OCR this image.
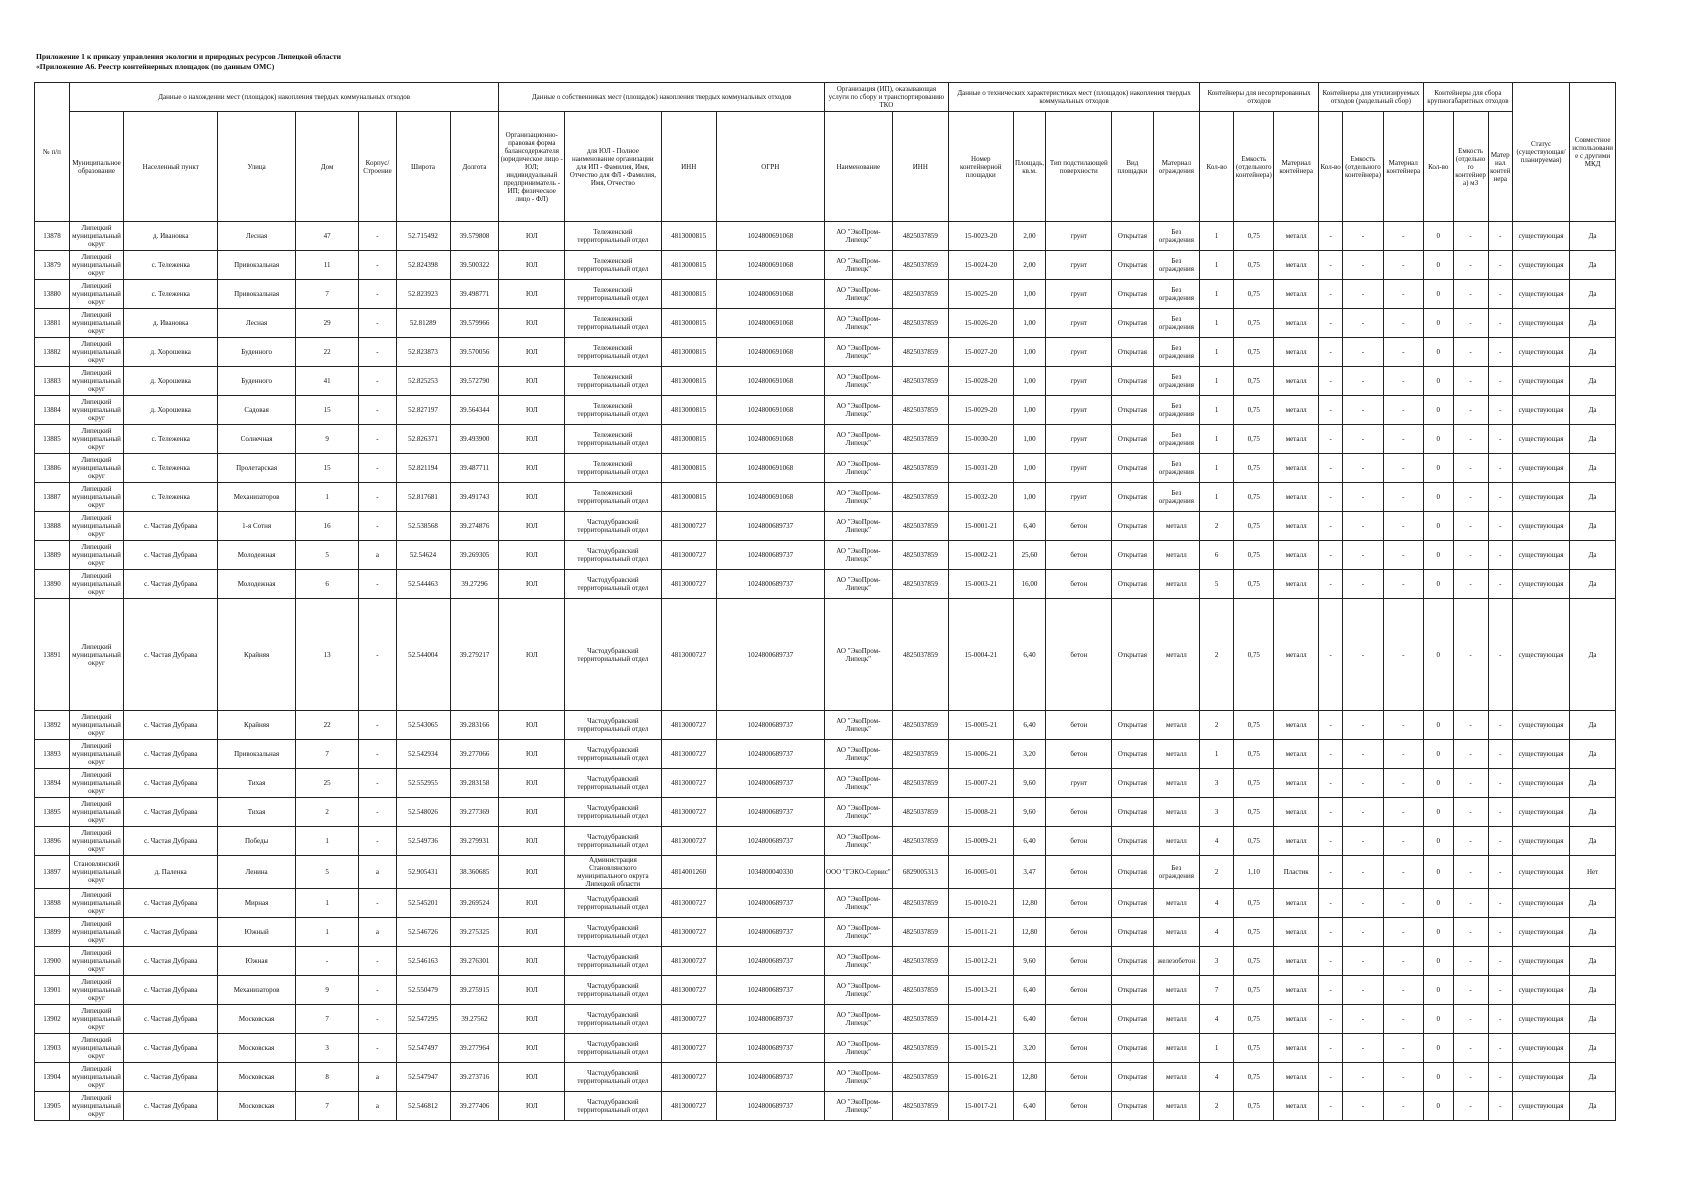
Приложение 1 к приказу управления экологии и природных ресурсов Липецкой области
«Приложение А6. Реестр контейнерных площадок (по данным ОМС)
№ п/п	Данные о нахождении мест (площадок) накопления твердых коммунальных отходов							Данные о собственниках мест (площадок) накопления твердых коммунальных отходов				Организация (ИП), оказывающая услуги по сбору и транспортированию ТКО		Данные о технических характеристиках мест (площадок) накопления твердых коммунальных отходов					Контейнеры для несортированных отходов			Контейнеры для утилизируемых отходов (раздельный сбор)			Контейнеры для сбора крупногабаритных отходов			Статус (существующая/ планируемая)	Совместное использование с другими МКД
	Муниципальное образование	Населенный пункт	Улица	Дом	Корпус/Строение	Широта	Долгота	Организационно-правовая форма балансодержателя (юридическое лицо - ЮЛ; индивидуальный предприниматель - ИП; физическое лицо - ФЛ)	для ЮЛ - Полное наименование организации для ИП - Фамилия, Имя, Отчество для ФЛ - Фамилия, Имя, Отчество	ИНН	ОГРН	Наименование	ИНН	Номер контейнерной площадки	Площадь, кв.м.	Тип подстилающей поверхности	Вид площадки	Материал ограждения	Кол-во	Емкость (отдельного контейнера)	Материал контейнера	Кол-во	Емкость (отдельного контейнера)	Материал контейнера	Кол-во	Емкость (отдельного контейнера) м3	Материал контейнера		
13878	Липецкий муниципальный округ	д. Ивановка	Лесная	47	-	52.715492	39.579808	ЮЛ	Тележенский территориальный отдел	4813000815	1024800691068	АО "ЭкоПром-Липецк"	4825037859	15-0023-20	2,00	грунт	Открытая	Без ограждения	1	0,75	металл	-	-	-	0	-	-	существующая	Да
13879	Липецкий муниципальный округ	с. Тележенка	Привокзальная	11	-	52.824398	39.500322	ЮЛ	Тележенский территориальный отдел	4813000815	1024800691068	АО "ЭкоПром-Липецк"	4825037859	15-0024-20	2,00	грунт	Открытая	Без ограждения	1	0,75	металл	-	-	-	0	-	-	существующая	Да
13880	Липецкий муниципальный округ	с. Тележенка	Привокзальная	7	-	52.823923	39.498771	ЮЛ	Тележенский территориальный отдел	4813000815	1024800691068	АО "ЭкоПром-Липецк"	4825037859	15-0025-20	1,00	грунт	Открытая	Без ограждения	1	0,75	металл	-	-	-	0	-	-	существующая	Да
13881	Липецкий муниципальный округ	д. Ивановка	Лесная	29	-	52.81289	39.579966	ЮЛ	Тележенский территориальный отдел	4813000815	1024800691068	АО "ЭкоПром-Липецк"	4825037859	15-0026-20	1,00	грунт	Открытая	Без ограждения	1	0,75	металл	-	-	-	0	-	-	существующая	Да
13882	Липецкий муниципальный округ	д. Хорошевка	Буденного	22	-	52.823873	39.570056	ЮЛ	Тележенский территориальный отдел	4813000815	1024800691068	АО "ЭкоПром-Липецк"	4825037859	15-0027-20	1,00	грунт	Открытая	Без ограждения	1	0,75	металл	-	-	-	0	-	-	существующая	Да
13883	Липецкий муниципальный округ	д. Хорошевка	Буденного	41	-	52.825253	39.572790	ЮЛ	Тележенский территориальный отдел	4813000815	1024800691068	АО "ЭкоПром-Липецк"	4825037859	15-0028-20	1,00	грунт	Открытая	Без ограждения	1	0,75	металл	-	-	-	0	-	-	существующая	Да
13884	Липецкий муниципальный округ	д. Хорошевка	Садовая	15	-	52.827197	39.564344	ЮЛ	Тележенский территориальный отдел	4813000815	1024800691068	АО "ЭкоПром-Липецк"	4825037859	15-0029-20	1,00	грунт	Открытая	Без ограждения	1	0,75	металл	-	-	-	0	-	-	существующая	Да
13885	Липецкий муниципальный округ	с. Тележенка	Солнечная	9	-	52.826371	39.493900	ЮЛ	Тележенский территориальный отдел	4813000815	1024800691068	АО "ЭкоПром-Липецк"	4825037859	15-0030-20	1,00	грунт	Открытая	Без ограждения	1	0,75	металл	-	-	-	0	-	-	существующая	Да
13886	Липецкий муниципальный округ	с. Тележенка	Пролетарская	15	-	52.821194	39.487711	ЮЛ	Тележенский территориальный отдел	4813000815	1024800691068	АО "ЭкоПром-Липецк"	4825037859	15-0031-20	1,00	грунт	Открытая	Без ограждения	1	0,75	металл	-	-	-	0	-	-	существующая	Да
13887	Липецкий муниципальный округ	с. Тележенка	Механизаторов	1	-	52.817681	39.491743	ЮЛ	Тележенский территориальный отдел	4813000815	1024800691068	АО "ЭкоПром-Липецк"	4825037859	15-0032-20	1,00	грунт	Открытая	Без ограждения	1	0,75	металл	-	-	-	0	-	-	существующая	Да
13888	Липецкий муниципальный округ	с. Частая Дубрава	1-я Сотня	16	-	52.538568	39.274876	ЮЛ	Частодубравский территориальный отдел	4813000727	1024800689737	АО "ЭкоПром-Липецк"	4825037859	15-0001-21	6,40	бетон	Открытая	металл	2	0,75	металл	-	-	-	0	-	-	существующая	Да
13889	Липецкий муниципальный округ	с. Частая Дубрава	Молодежная	5	а	52.54624	39.269305	ЮЛ	Частодубравский территориальный отдел	4813000727	1024800689737	АО "ЭкоПром-Липецк"	4825037859	15-0002-21	25,60	бетон	Открытая	металл	6	0,75	металл	-	-	-	0	-	-	существующая	Да
13890	Липецкий муниципальный округ	с. Частая Дубрава	Молодежная	6	-	52.544463	39.27296	ЮЛ	Частодубравский территориальный отдел	4813000727	1024800689737	АО "ЭкоПром-Липецк"	4825037859	15-0003-21	16,00	бетон	Открытая	металл	5	0,75	металл	-	-	-	0	-	-	существующая	Да
13891	Липецкий муниципальный округ	с. Частая Дубрава	Крайняя	13	-	52.544004	39.279217	ЮЛ	Частодубравский территориальный отдел	4813000727	1024800689737	АО "ЭкоПром-Липецк"	4825037859	15-0004-21	6,40	бетон	Открытая	металл	2	0,75	металл	-	-	-	0	-	-	существующая	Да
13892	Липецкий муниципальный округ	с. Частая Дубрава	Крайняя	22	-	52.543065	39.283166	ЮЛ	Частодубравский территориальный отдел	4813000727	1024800689737	АО "ЭкоПром-Липецк"	4825037859	15-0005-21	6,40	бетон	Открытая	металл	2	0,75	металл	-	-	-	0	-	-	существующая	Да
13893	Липецкий муниципальный округ	с. Частая Дубрава	Привокзальная	7	-	52.542934	39.277066	ЮЛ	Частодубравский территориальный отдел	4813000727	1024800689737	АО "ЭкоПром-Липецк"	4825037859	15-0006-21	3,20	бетон	Открытая	металл	1	0,75	металл	-	-	-	0	-	-	существующая	Да
13894	Липецкий муниципальный округ	с. Частая Дубрава	Тихая	25	-	52.552955	39.283158	ЮЛ	Частодубравский территориальный отдел	4813000727	1024800689737	АО "ЭкоПром-Липецк"	4825037859	15-0007-21	9,60	грунт	Открытая	металл	3	0,75	металл	-	-	-	0	-	-	существующая	Да
13895	Липецкий муниципальный округ	с. Частая Дубрава	Тихая	2	-	52.548026	39.277369	ЮЛ	Частодубравский территориальный отдел	4813000727	1024800689737	АО "ЭкоПром-Липецк"	4825037859	15-0008-21	9,60	бетон	Открытая	металл	3	0,75	металл	-	-	-	0	-	-	существующая	Да
13896	Липецкий муниципальный округ	с. Частая Дубрава	Победы	1	-	52.549736	39.279931	ЮЛ	Частодубравский территориальный отдел	4813000727	1024800689737	АО "ЭкоПром-Липецк"	4825037859	15-0009-21	6,40	бетон	Открытая	металл	4	0,75	металл	-	-	-	0	-	-	существующая	Да
13897	Становлянский муниципальный округ	д. Паленка	Ленина	5	а	52.905431	38.360685	ЮЛ	Администрация Становлянского муниципального округа Липецкой области	4814001260	1034800040330	ООО "ГЭКО-Сервис"	6829005313	16-0005-01	3,47	бетон	Открытая	Без ограждения	2	1,10	Пластик	-	-	-	0	-	-	существующая	Нет
13898	Липецкий муниципальный округ	с. Частая Дубрава	Мирная	1	-	52.545201	39.269524	ЮЛ	Частодубравский территориальный отдел	4813000727	1024800689737	АО "ЭкоПром-Липецк"	4825037859	15-0010-21	12,80	бетон	Открытая	металл	4	0,75	металл	-	-	-	0	-	-	существующая	Да
13899	Липецкий муниципальный округ	с. Частая Дубрава	Южный	1	а	52.546726	39.275325	ЮЛ	Частодубравский территориальный отдел	4813000727	1024800689737	АО "ЭкоПром-Липецк"	4825037859	15-0011-21	12,80	бетон	Открытая	металл	4	0,75	металл	-	-	-	0	-	-	существующая	Да
13900	Липецкий муниципальный округ	с. Частая Дубрава	Южная	-	-	52.546163	39.276301	ЮЛ	Частодубравский территориальный отдел	4813000727	1024800689737	АО "ЭкоПром-Липецк"	4825037859	15-0012-21	9,60	бетон	Открытая	железобетон	3	0,75	металл	-	-	-	0	-	-	существующая	Да
13901	Липецкий муниципальный округ	с. Частая Дубрава	Механизаторов	9	-	52.550479	39.275915	ЮЛ	Частодубравский территориальный отдел	4813000727	1024800689737	АО "ЭкоПром-Липецк"	4825037859	15-0013-21	6,40	бетон	Открытая	металл	7	0,75	металл	-	-	-	0	-	-	существующая	Да
13902	Липецкий муниципальный округ	с. Частая Дубрава	Московская	7	-	52.547295	39.27562	ЮЛ	Частодубравский территориальный отдел	4813000727	1024800689737	АО "ЭкоПром-Липецк"	4825037859	15-0014-21	6,40	бетон	Открытая	металл	4	0,75	металл	-	-	-	0	-	-	существующая	Да
13903	Липецкий муниципальный округ	с. Частая Дубрава	Московская	3	-	52.547497	39.277964	ЮЛ	Частодубравский территориальный отдел	4813000727	1024800689737	АО "ЭкоПром-Липецк"	4825037859	15-0015-21	3,20	бетон	Открытая	металл	1	0,75	металл	-	-	-	0	-	-	существующая	Да
13904	Липецкий муниципальный округ	с. Частая Дубрава	Московская	8	а	52.547947	39.273716	ЮЛ	Частодубравский территориальный отдел	4813000727	1024800689737	АО "ЭкоПром-Липецк"	4825037859	15-0016-21	12,80	бетон	Открытая	металл	4	0,75	металл	-	-	-	0	-	-	существующая	Да
13905	Липецкий муниципальный округ	с. Частая Дубрава	Московская	7	а	52.546812	39.277406	ЮЛ	Частодубравский территориальный отдел	4813000727	1024800689737	АО "ЭкоПром-Липецк"	4825037859	15-0017-21	6,40	бетон	Открытая	металл	2	0,75	металл	-	-	-	0	-	-	существующая	Да
